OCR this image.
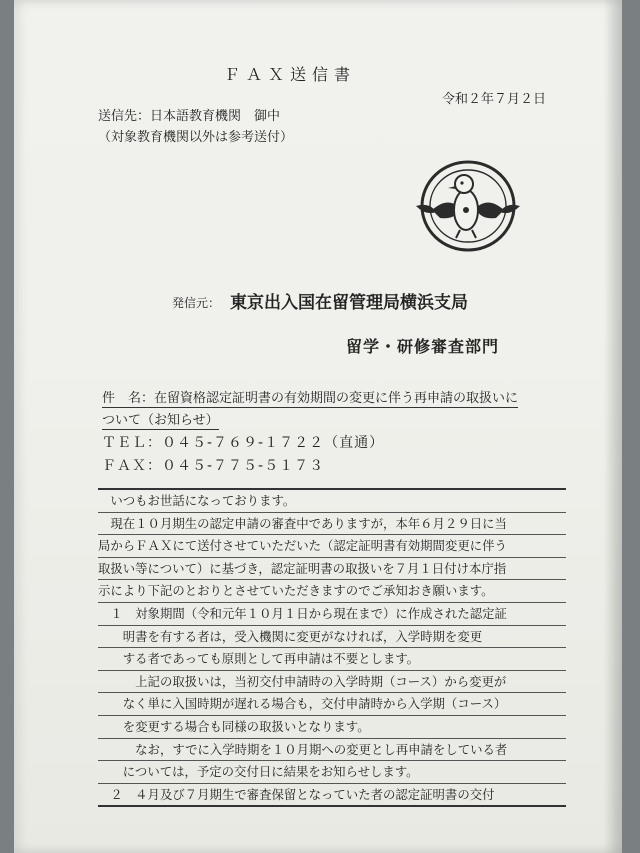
ＦＡＸ送信書
令和２年７月２日
送信先：日本語教育機関　御中
（対象教育機関以外は参考送付）
発信元： 東京出入国在留管理局横浜支局
留学・研修審査部門
件　名：在留資格認定証明書の有効期間の変更に伴う再申請の取扱いに
ついて（お知らせ）
ＴＥＬ：０４５-７６９-１７２２（直通）
ＦＡＸ：０４５-７７５-５１７３
　いつもお世話になっております。
　現在１０月期生の認定申請の審査中でありますが，本年６月２９日に当
局からＦＡＸにて送付させていただいた（認定証明書有効期間変更に伴う
取扱い等について）に基づき，認定証明書の取扱いを７月１日付け本庁指
示により下記のとおりとさせていただきますのでご承知おき願います。
　１　対象期間（令和元年１０月１日から現在まで）に作成された認定証
　　明書を有する者は，受入機関に変更がなければ，入学時期を変更
　　する者であっても原則として再申請は不要とします。
　　　上記の取扱いは，当初交付申請時の入学時期（コース）から変更が
　　なく単に入国時期が遅れる場合も，交付申請時から入学期（コース）
　　を変更する場合も同様の取扱いとなります。
　　　なお，すでに入学時期を１０月期への変更とし再申請をしている者
　　については，予定の交付日に結果をお知らせします。
　２　４月及び７月期生で審査保留となっていた者の認定証明書の交付
